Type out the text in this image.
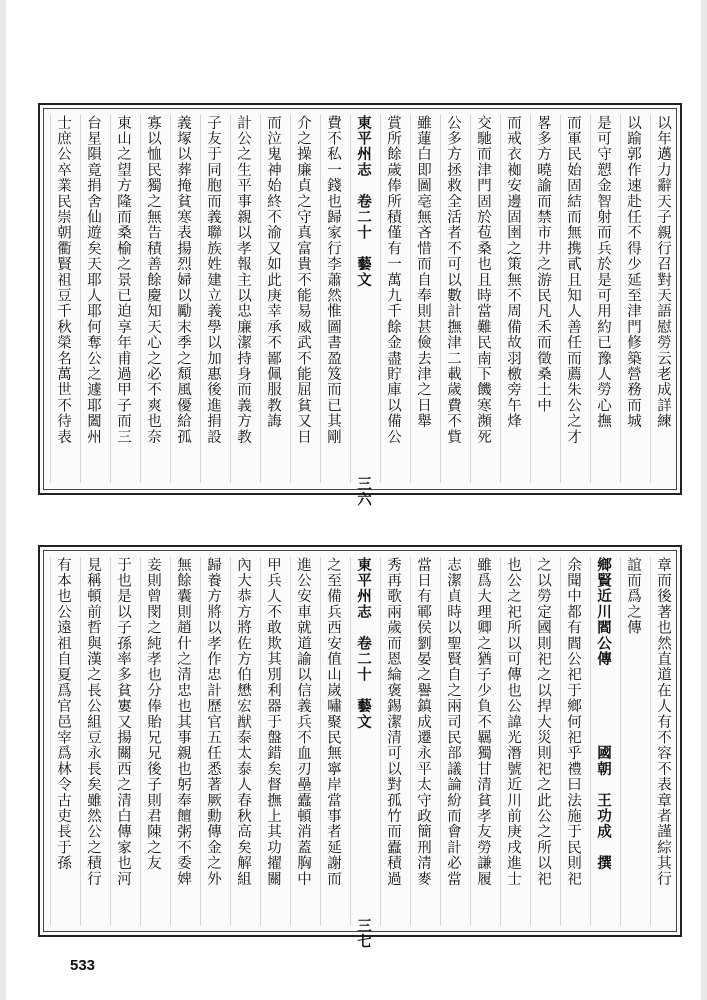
以年邁力辭天子親行召對天語慰勞云老成詳練
以踰郭作速赴任不得少延至津門修築營務而城
是可守愬金智射而兵於是可用約已豫人勞心撫
而軍民始固結而無携貳且知人善任而薦朱公之才
畧多方曉諭而禁市井之游民凡禾而徵桑土中
而戒衣袽安邊固圉之策無不周備故羽檄旁午烽
交馳而津門固於苞桑也且時當難民南下饑寒瀕死
公多方拯救全活者不可以數計撫津二載歲費不貲
雖蓮白即圖亳無吝惜而自奉則甚儉去津之日舉
賞所餘歲俸所積僅有一萬九千餘金盡貯庫以備公
東平州志　卷二十　藝文　　　　　　　　　　　　三六
費不私一錢也歸家行李蕭然惟圖書盈笈而已其剛
介之操廉貞之守真富貴不能易威武不能屈貧又日
而泣鬼神始終不渝又如此庚幸承不鄙佩服教誨
計公之生平事親以孝報主以忠廉潔持身而義方教
子友于同胞而義聯族姓建立義學以加惠後進捐設
義塚以葬掩貧寒表揚烈婦以勵末季之頹風優給孤
寡以恤民獨之無告積善餘慶知天心之必不爽也奈
東山之望方隆而桑榆之景已迫享年甫過甲子而三
台星隕竟捐舍仙遊矣天耶人耶何奪公之遽耶闔州
士庶公卒業民崇朝衢賢祖豆千秋榮名萬世不待表
章而後著也然直道在人有不容不表章者謹綜其行
誼而爲之傳
鄉賢近川閻公傳　　　　　國朝　王功成　撰
余聞中都有閻公祀于鄉何祀乎禮曰法施于民則祀
之以勞定國則祀之以捍大災則祀之此公之所以祀
也公之祀所以可傳也公諱光潛號近川前庚戌進士
雖爲大理卿之猶子少負不羈獨甘清貧孝友勞謙履
志潔貞時以聖賢自之兩司民部議論紛而會計必當
當日有鄆侯劉晏之譽鎮成遷永平太守政簡刑清麥
秀再歌兩歲而恩綸褒錫潔清可以對孤竹而蠹積過
東平州志　卷二十　藝文　　　　　　　　　　　　三七
之至備兵西安值山嵗嘯聚民無寧岸當事者延謝而
進公安車就道諭以信義兵不血刃壘蠹頓消蓋胸中
甲兵人不敢欺其別利器于盤錯矣督撫上其功擢關
內大恭方將佐方伯懋宏猷泰太泰人春秋高矣解組
歸養方將以孝作忠計歷官五任悉著厥勳傳金之外
無餘囊則趙什之清忠也其事親也躬奉饘粥不委婢
妾則曾閔之純孝也分俸貽兄兄後子則君陳之友
于也是以子孫率多貧寠又揚關西之清白傳家也河
見稱頓前哲與漢之長公組豆永長矣雖然公之積行
有本也公遠祖自夏爲官邑宰爲林令古吏長于孫
533
